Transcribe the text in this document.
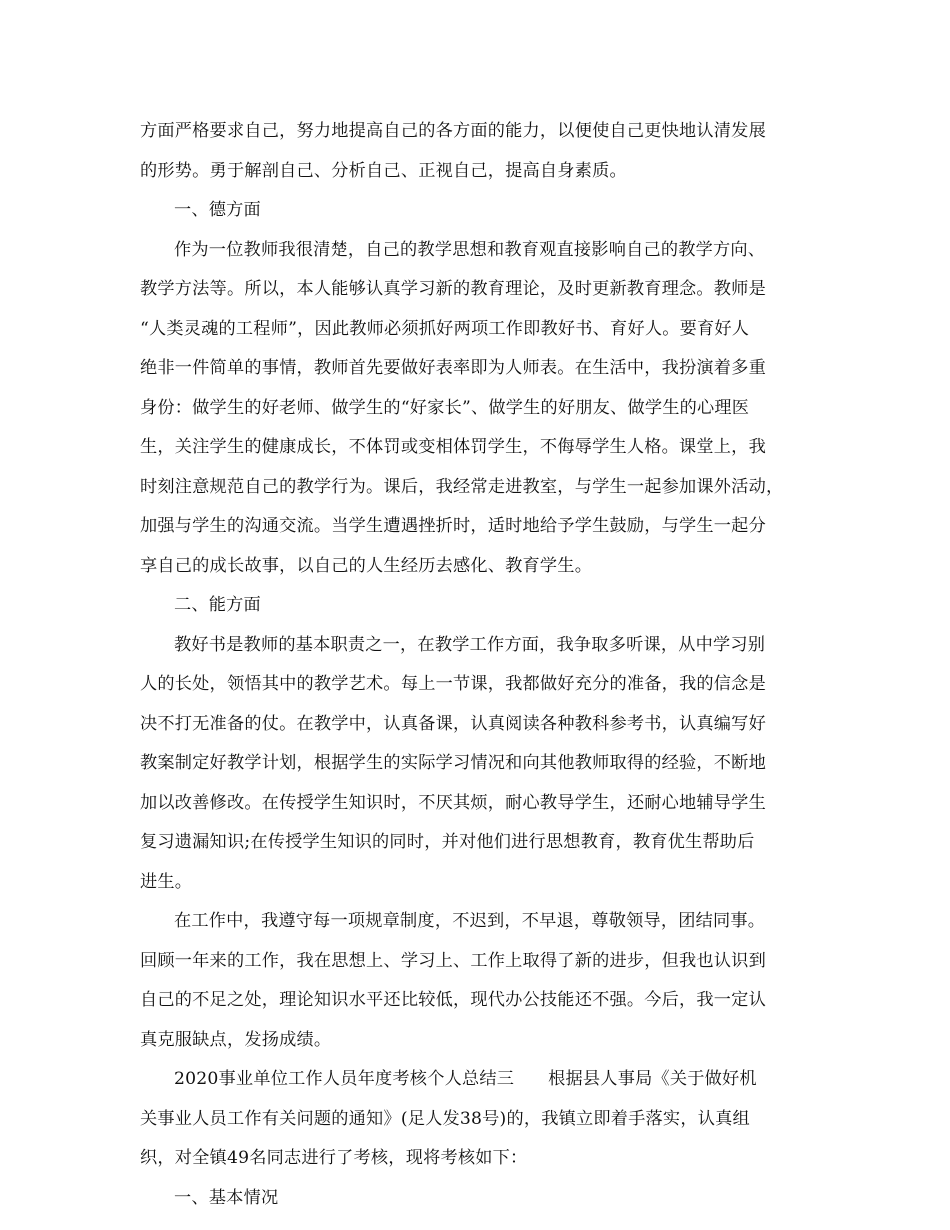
方面严格要求自己，努力地提高自己的各方面的能力，以便使自己更快地认清发展
的形势。勇于解剖自己、分析自己、正视自己，提高自身素质。
一、德方面
作为一位教师我很清楚，自己的教学思想和教育观直接影响自己的教学方向、
教学方法等。所以，本人能够认真学习新的教育理论，及时更新教育理念。教师是
“人类灵魂的工程师”，因此教师必须抓好两项工作即教好书、育好人。要育好人
绝非一件简单的事情，教师首先要做好表率即为人师表。在生活中，我扮演着多重
身份：做学生的好老师、做学生的“好家长”、做学生的好朋友、做学生的心理医
生，关注学生的健康成长，不体罚或变相体罚学生，不侮辱学生人格。课堂上，我
时刻注意规范自己的教学行为。课后，我经常走进教室，与学生一起参加课外活动，
加强与学生的沟通交流。当学生遭遇挫折时，适时地给予学生鼓励，与学生一起分
享自己的成长故事，以自己的人生经历去感化、教育学生。
二、能方面
教好书是教师的基本职责之一，在教学工作方面，我争取多听课，从中学习别
人的长处，领悟其中的教学艺术。每上一节课，我都做好充分的准备，我的信念是
决不打无准备的仗。在教学中，认真备课，认真阅读各种教科参考书，认真编写好
教案制定好教学计划，根据学生的实际学习情况和向其他教师取得的经验，不断地
加以改善修改。在传授学生知识时，不厌其烦，耐心教导学生，还耐心地辅导学生
复习遗漏知识;在传授学生知识的同时，并对他们进行思想教育，教育优生帮助后
进生。
在工作中，我遵守每一项规章制度，不迟到，不早退，尊敬领导，团结同事。
回顾一年来的工作，我在思想上、学习上、工作上取得了新的进步，但我也认识到
自己的不足之处，理论知识水平还比较低，现代办公技能还不强。今后，我一定认
真克服缺点，发扬成绩。
2020事业单位工作人员年度考核个人总结三 根据县人事局《关于做好机
关事业人员工作有关问题的通知》(足人发38号)的，我镇立即着手落实，认真组
织，对全镇49名同志进行了考核，现将考核如下：
一、基本情况
